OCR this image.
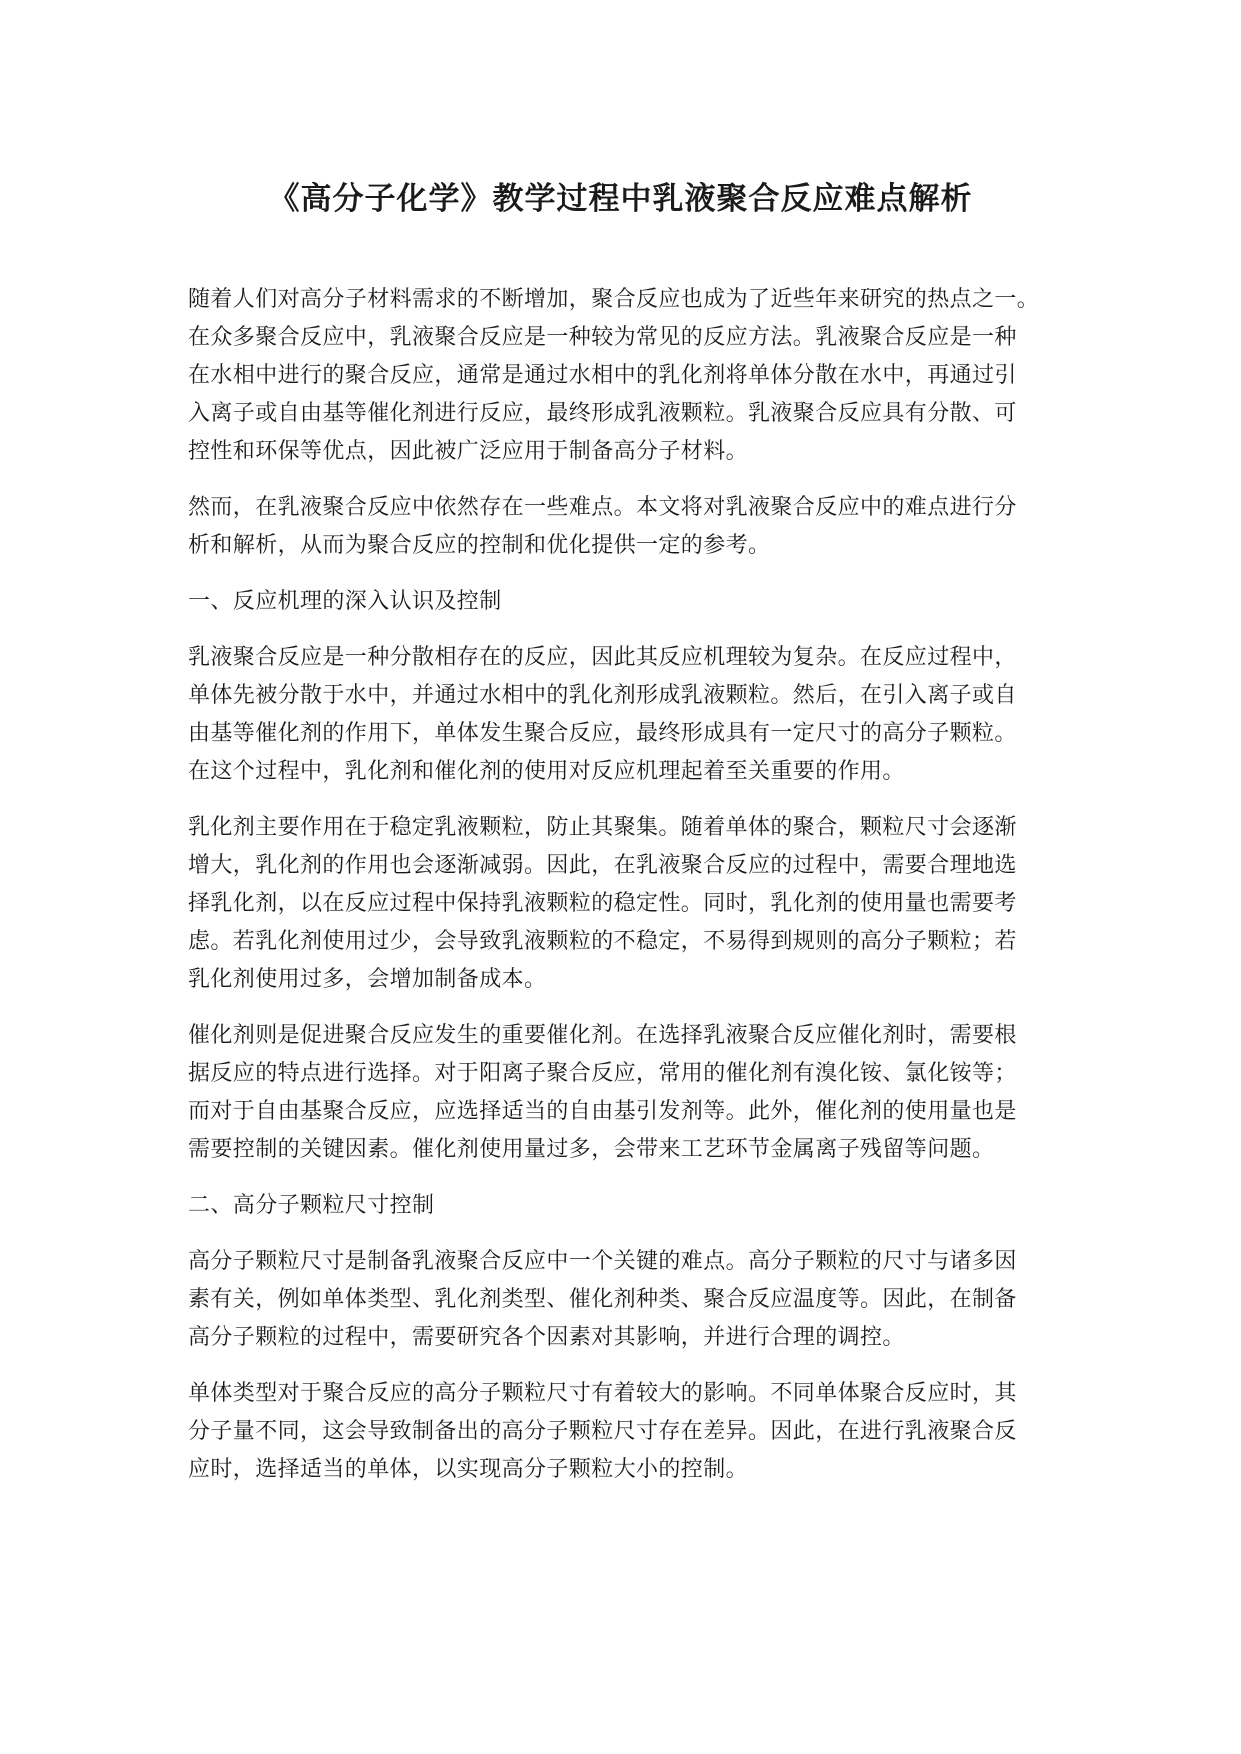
《高分子化学》教学过程中乳液聚合反应难点解析
随着人们对高分子材料需求的不断增加，聚合反应也成为了近些年来研究的热点之一。
在众多聚合反应中，乳液聚合反应是一种较为常见的反应方法。乳液聚合反应是一种
在水相中进行的聚合反应，通常是通过水相中的乳化剂将单体分散在水中，再通过引
入离子或自由基等催化剂进行反应，最终形成乳液颗粒。乳液聚合反应具有分散、可
控性和环保等优点，因此被广泛应用于制备高分子材料。
然而，在乳液聚合反应中依然存在一些难点。本文将对乳液聚合反应中的难点进行分
析和解析，从而为聚合反应的控制和优化提供一定的参考。
一、反应机理的深入认识及控制
乳液聚合反应是一种分散相存在的反应，因此其反应机理较为复杂。在反应过程中，
单体先被分散于水中，并通过水相中的乳化剂形成乳液颗粒。然后，在引入离子或自
由基等催化剂的作用下，单体发生聚合反应，最终形成具有一定尺寸的高分子颗粒。
在这个过程中，乳化剂和催化剂的使用对反应机理起着至关重要的作用。
乳化剂主要作用在于稳定乳液颗粒，防止其聚集。随着单体的聚合，颗粒尺寸会逐渐
增大，乳化剂的作用也会逐渐减弱。因此，在乳液聚合反应的过程中，需要合理地选
择乳化剂，以在反应过程中保持乳液颗粒的稳定性。同时，乳化剂的使用量也需要考
虑。若乳化剂使用过少，会导致乳液颗粒的不稳定，不易得到规则的高分子颗粒；若
乳化剂使用过多，会增加制备成本。
催化剂则是促进聚合反应发生的重要催化剂。在选择乳液聚合反应催化剂时，需要根
据反应的特点进行选择。对于阳离子聚合反应，常用的催化剂有溴化铵、氯化铵等；
而对于自由基聚合反应，应选择适当的自由基引发剂等。此外，催化剂的使用量也是
需要控制的关键因素。催化剂使用量过多，会带来工艺环节金属离子残留等问题。
二、高分子颗粒尺寸控制
高分子颗粒尺寸是制备乳液聚合反应中一个关键的难点。高分子颗粒的尺寸与诸多因
素有关，例如单体类型、乳化剂类型、催化剂种类、聚合反应温度等。因此，在制备
高分子颗粒的过程中，需要研究各个因素对其影响，并进行合理的调控。
单体类型对于聚合反应的高分子颗粒尺寸有着较大的影响。不同单体聚合反应时，其
分子量不同，这会导致制备出的高分子颗粒尺寸存在差异。因此，在进行乳液聚合反
应时，选择适当的单体，以实现高分子颗粒大小的控制。
